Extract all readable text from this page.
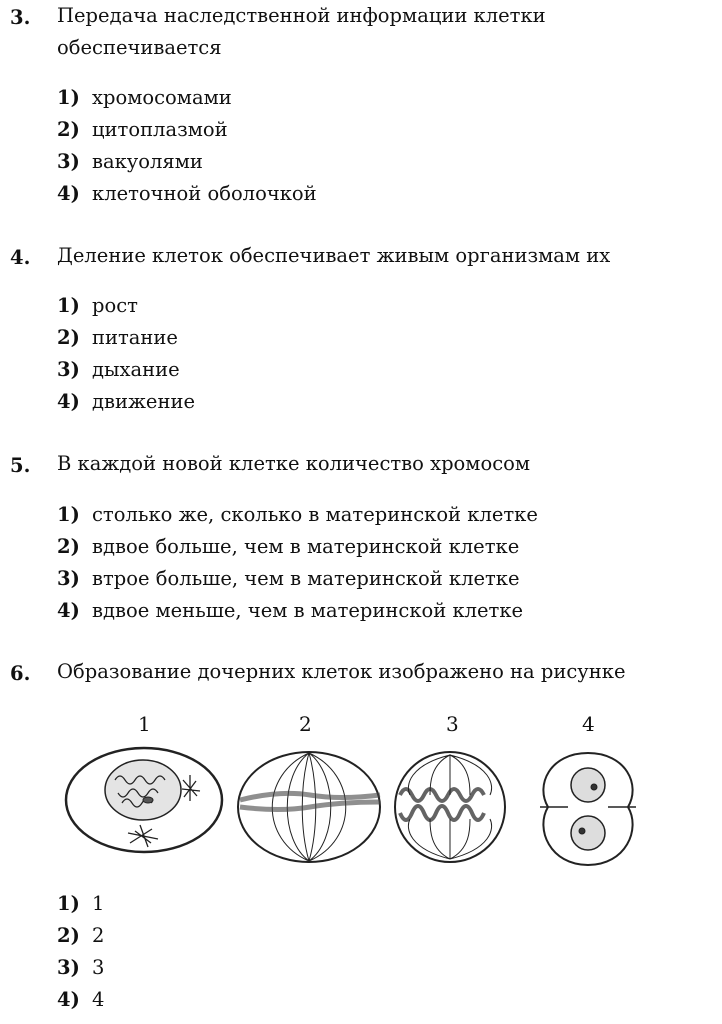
3. Передача наследственной информации клетки обеспечивается
1) хромосомами
2) цитоплазмой
3) вакуолями
4) клеточной оболочкой
4. Деление клеток обеспечивает живым организмам их
1) рост
2) питание
3) дыхание
4) движение
5. В каждой новой клетке количество хромосом
1) столько же, сколько в материнской клетке
2) вдвое больше, чем в материнской клетке
3) втрое больше, чем в материнской клетке
4) вдвое меньше, чем в материнской клетке
6. Образование дочерних клеток изображено на рисунке
1	2	3	4
1) 1
2) 2
3) 3
4) 4
